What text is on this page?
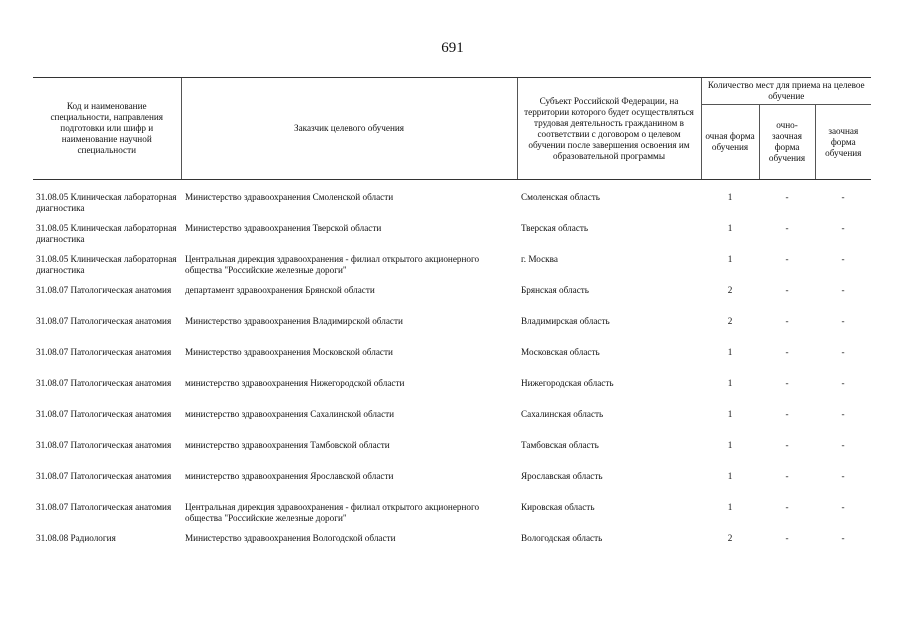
691
Код и наименование специальности, направления подготовки или шифр и наименование научной специальности	Заказчик целевого обучения	Субъект Российской Федерации, на территории которого будет осуществляться трудовая деятельность гражданином в соответствии с договором о целевом обучении после завершения освоения им образовательной программы	Количество мест для приема на целевое обучение		
			очная форма обучения	очно-заочная форма обучения	заочная форма обучения
31.08.05 Клиническая лабораторная диагностика	Министерство здравоохранения Смоленской области	Смоленская область	1	-	-
31.08.05 Клиническая лабораторная диагностика	Министерство здравоохранения Тверской области	Тверская область	1	-	-
31.08.05 Клиническая лабораторная диагностика	Центральная дирекция здравоохранения - филиал открытого акционерного общества "Российские железные дороги"	г. Москва	1	-	-
31.08.07 Патологическая анатомия	департамент здравоохранения Брянской области	Брянская область	2	-	-
31.08.07 Патологическая анатомия	Министерство здравоохранения Владимирской области	Владимирская область	2	-	-
31.08.07 Патологическая анатомия	Министерство здравоохранения Московской области	Московская область	1	-	-
31.08.07 Патологическая анатомия	министерство здравоохранения Нижегородской области	Нижегородская область	1	-	-
31.08.07 Патологическая анатомия	министерство здравоохранения Сахалинской области	Сахалинская область	1	-	-
31.08.07 Патологическая анатомия	министерство здравоохранения Тамбовской области	Тамбовская область	1	-	-
31.08.07 Патологическая анатомия	министерство здравоохранения Ярославской области	Ярославская область	1	-	-
31.08.07 Патологическая анатомия	Центральная дирекция здравоохранения - филиал открытого акционерного общества "Российские железные дороги"	Кировская область	1	-	-
31.08.08 Радиология	Министерство здравоохранения Вологодской области	Вологодская область	2	-	-
